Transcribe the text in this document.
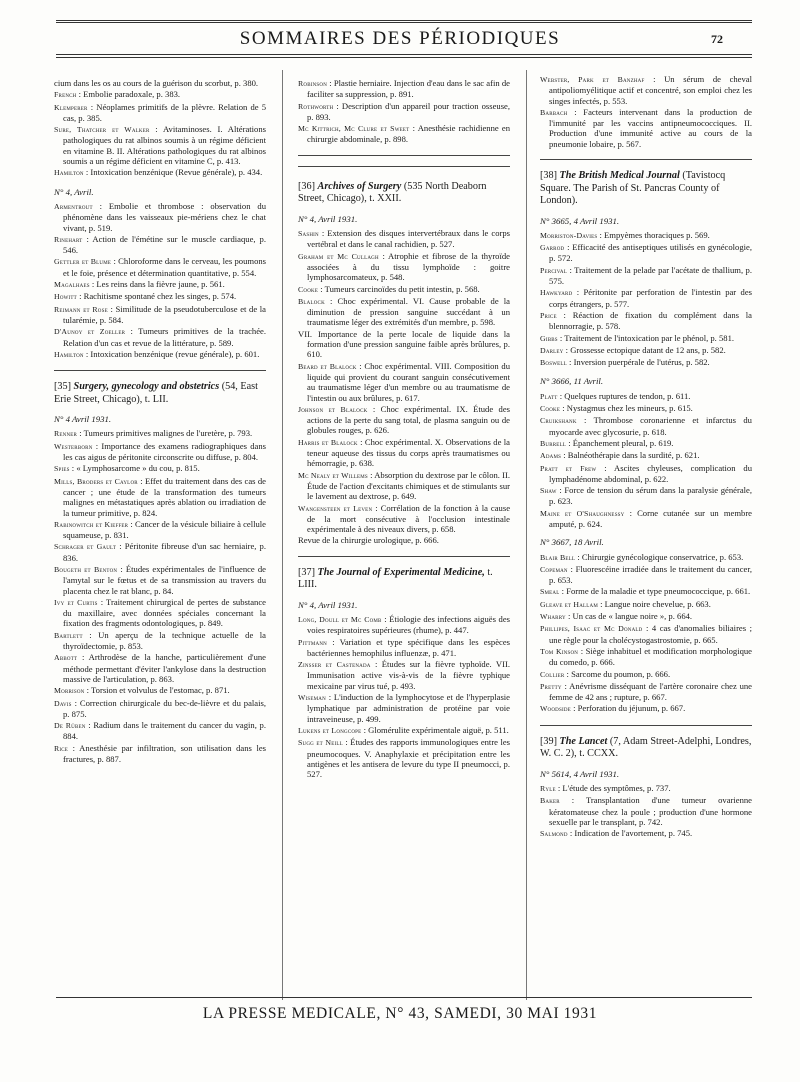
SOMMAIRES DES PÉRIODIQUES	72
cium dans les os au cours de la guérison du scorbut, p. 380.
French : Embolie paradoxale, p. 383.
Klemperer : Néoplames primitifs de la plèvre. Relation de 5 cas, p. 385.
Sure, Thatcher et Walker : Avitaminoses. I. Altérations pathologiques du rat albinos soumis à un régime déficient en vitamine B. II. Altérations pathologiques du rat albinos soumis a un régime déficient en vitamine C, p. 413.
Hamilton : Intoxication benzénique (Revue générale), p. 434.
N° 4, Avril.
Armentrout : Embolie et thrombose : observation du phénomène dans les vaisseaux pie-mériens chez le chat vivant, p. 519.
Rinehart : Action de l'émétine sur le muscle cardiaque, p. 546.
Gettler et Blume : Chloroforme dans le cerveau, les poumons et le foie, présence et détermination quantitative, p. 554.
Magalhaes : Les reins dans la fièvre jaune, p. 561.
Howitt : Rachitisme spontané chez les singes, p. 574.
Reimann et Rose : Similitude de la pseudotuberculose et de la tularémie, p. 584.
D'Aunoy et Zoeller : Tumeurs primitives de la trachée. Relation d'un cas et revue de la littérature, p. 589.
Hamilton : Intoxication benzénique (revue générale), p. 601.
[35] Surgery, gynecology and obstetrics (54, East Erie Street, Chicago), t. LII.
N° 4 Avril 1931.
Renner : Tumeurs primitives malignes de l'uretère, p. 793.
Westerborn : Importance des examens radiographiques dans les cas aigus de péritonite circonscrite ou diffuse, p. 804.
Spies : « Lymphosarcome » du cou, p. 815.
Mills, Broders et Caylor : Effet du traitement dans des cas de cancer ; une étude de la transformation des tumeurs malignes en métastatiques après ablation ou irradiation de la tumeur primitive, p. 824.
Rabinowitch et Kieffer : Cancer de la vésicule biliaire à cellule squameuse, p. 831.
Schrager et Gault : Péritonite fibreuse d'un sac herniaire, p. 836.
Bougeth et Benton : Études expérimentales de l'influence de l'amytal sur le fœtus et de sa transmission au travers du placenta chez le rat blanc, p. 84.
Ivy et Curtis : Traitement chirurgical de pertes de substance du maxillaire, avec données spéciales concernant la fixation des fragments odontologiques, p. 849.
Bartlett : Un aperçu de la technique actuelle de la thyroïdectomie, p. 853.
Abbott : Arthrodèse de la hanche, particulièrement d'une méthode permettant d'éviter l'ankylose dans la destruction massive de l'articulation, p. 863.
Morrison : Torsion et volvulus de l'estomac, p. 871.
Davis : Correction chirurgicale du bec-de-lièvre et du palais, p. 875.
De Rüben : Radium dans le traitement du cancer du vagin, p. 884.
Rice : Anesthésie par infiltration, son utilisation dans les fractures, p. 887.
Robinson : Plastie herniaire. Injection d'eau dans le sac afin de faciliter sa suppression, p. 891.
Rothworth : Description d'un appareil pour traction osseuse, p. 893.
Mc Kittrich, Mc Clure et Sweet : Anesthésie rachidienne en chirurgie abdominale, p. 898.
[36] Archives of Surgery (535 North Deaborn Street, Chicago), t. XXII.
N° 4, Avril 1931.
Sashin : Extension des disques intervertébraux dans le corps vertébral et dans le canal rachidien, p. 527.
Graham et Mc Cullagh : Atrophie et fibrose de la thyroïde associées à du tissu lymphoïde : goitre lymphosarcomateux, p. 548.
Cooke : Tumeurs carcinoïdes du petit intestin, p. 568.
Blalock : Choc expérimental. VI. Cause probable de la diminution de pression sanguine succédant à un traumatisme léger des extrémités d'un membre, p. 598.
VII. Importance de la perte locale de liquide dans la formation d'une pression sanguine faible après brûlures, p. 610.
Beard et Blalock : Choc expérimental. VIII. Composition du liquide qui provient du courant sanguin consécutivement au traumatisme léger d'un membre ou au traumatisme de l'intestin ou aux brûlures, p. 617.
Johnson et Blalock : Choc expérimental. IX. Étude des actions de la perte du sang total, de plasma sanguin ou de globules rouges, p. 626.
Harris et Blalock : Choc expérimental. X. Observations de la teneur aqueuse des tissus du corps après traumatismes ou hémorragie, p. 638.
Mc Nealy et Willems : Absorption du dextrose par le côlon. II. Étude de l'action d'excitants chimiques et de stimulants sur le lavement au dextrose, p. 649.
Wangensteen et Leven : Corrélation de la fonction à la cause de la mort consécutive à l'occlusion intestinale expérimentale à des niveaux divers, p. 658.
Revue de la chirurgie urologique, p. 666.
[37] The Journal of Experimental Medicine, t. LIII.
N° 4, Avril 1931.
Long, Doull et Mc Comb : Étiologie des infections aiguës des voies respiratoires supérieures (rhume), p. 447.
Pittmann : Variation et type spécifique dans les espèces bactériennes hemophilus influenzæ, p. 471.
Zinsser et Castenada : Études sur la fièvre typhoïde. VII. Immunisation active vis-à-vis de la fièvre typhique mexicaine par virus tué, p. 493.
Wiseman : L'induction de la lymphocytose et de l'hyperplasie lymphatique par administration de protéine par voie intraveineuse, p. 499.
Lukens et Longcope : Glomérulite expérimentale aiguë, p. 511.
Sugg et Neill : Études des rapports immunologiques entre les pneumocoques. V. Anaphylaxie et précipitation entre les antigènes et les antisera de levure du type II pneumocci, p. 527.
Webster, Park et Banzhaf : Un sérum de cheval antipoliomyélitique actif et concentré, son emploi chez les singes infectés, p. 553.
Barbach : Facteurs intervenant dans la production de l'immunité par les vaccins antipneumococciques. II. Production d'une immunité active au cours de la pneumonie lobaire, p. 567.
[38] The British Medical Journal (Tavistocq Square. The Parish of St. Pancras County of London).
N° 3665, 4 Avril 1931.
Morriston-Davies : Empyèmes thoraciques p. 569.
Garrod : Efficacité des antiseptiques utilisés en gynécologie, p. 572.
Percival : Traitement de la pelade par l'acétate de thallium, p. 575.
Hawkyard : Péritonite par perforation de l'intestin par des corps étrangers, p. 577.
Price : Réaction de fixation du complément dans la blennorragie, p. 578.
Gibbs : Traitement de l'intoxication par le phénol, p. 581.
Darley : Grossesse ectopique datant de 12 ans, p. 582.
Boswell : Inversion puerpérale de l'utérus, p. 582.
N° 3666, 11 Avril.
Platt : Quelques ruptures de tendon, p. 611.
Cooke : Nystagmus chez les mineurs, p. 615.
Cruikshank : Thrombose coronarienne et infarctus du myocarde avec glycosurie, p. 618.
Burrell : Épanchement pleural, p. 619.
Adams : Balnéothérapie dans la surdité, p. 621.
Pratt et Frew : Ascites chyleuses, complication du lymphadénome abdominal, p. 622.
Shaw : Force de tension du sérum dans la paralysie générale, p. 623.
Maine et O'Shaughnessy : Corne cutanée sur un membre amputé, p. 624.
N° 3667, 18 Avril.
Blair Bell : Chirurgie gynécologique conservatrice, p. 653.
Copeman : Fluorescéine irradiée dans le traitement du cancer, p. 653.
Smeal : Forme de la maladie et type pneumococcique, p. 661.
Gleave et Hallam : Langue noire chevelue, p. 663.
Wharry : Un cas de « langue noire », p. 664.
Phillipes, Isaac et Mc Donald : 4 cas d'anomalies biliaires ; une règle pour la cholécystogastrostomie, p. 665.
Tom Kinson : Siège inhabituel et modification morphologique du comedo, p. 666.
Collier : Sarcome du poumon, p. 666.
Pretty : Anévrisme disséquant de l'artère coronaire chez une femme de 42 ans ; rupture, p. 667.
Woodside : Perforation du jéjunum, p. 667.
[39] The Lancet (7, Adam Street-Adelphi, Londres, W. C. 2), t. CCXX.
N° 5614, 4 Avril 1931.
Ryle : L'étude des symptômes, p. 737.
Baker : Transplantation d'une tumeur ovarienne kératomateuse chez la poule ; production d'une hormone sexuelle par le transplant, p. 742.
Salmond : Indication de l'avortement, p. 745.
LA PRESSE MEDICALE, N° 43, SAMEDI, 30 MAI 1931
